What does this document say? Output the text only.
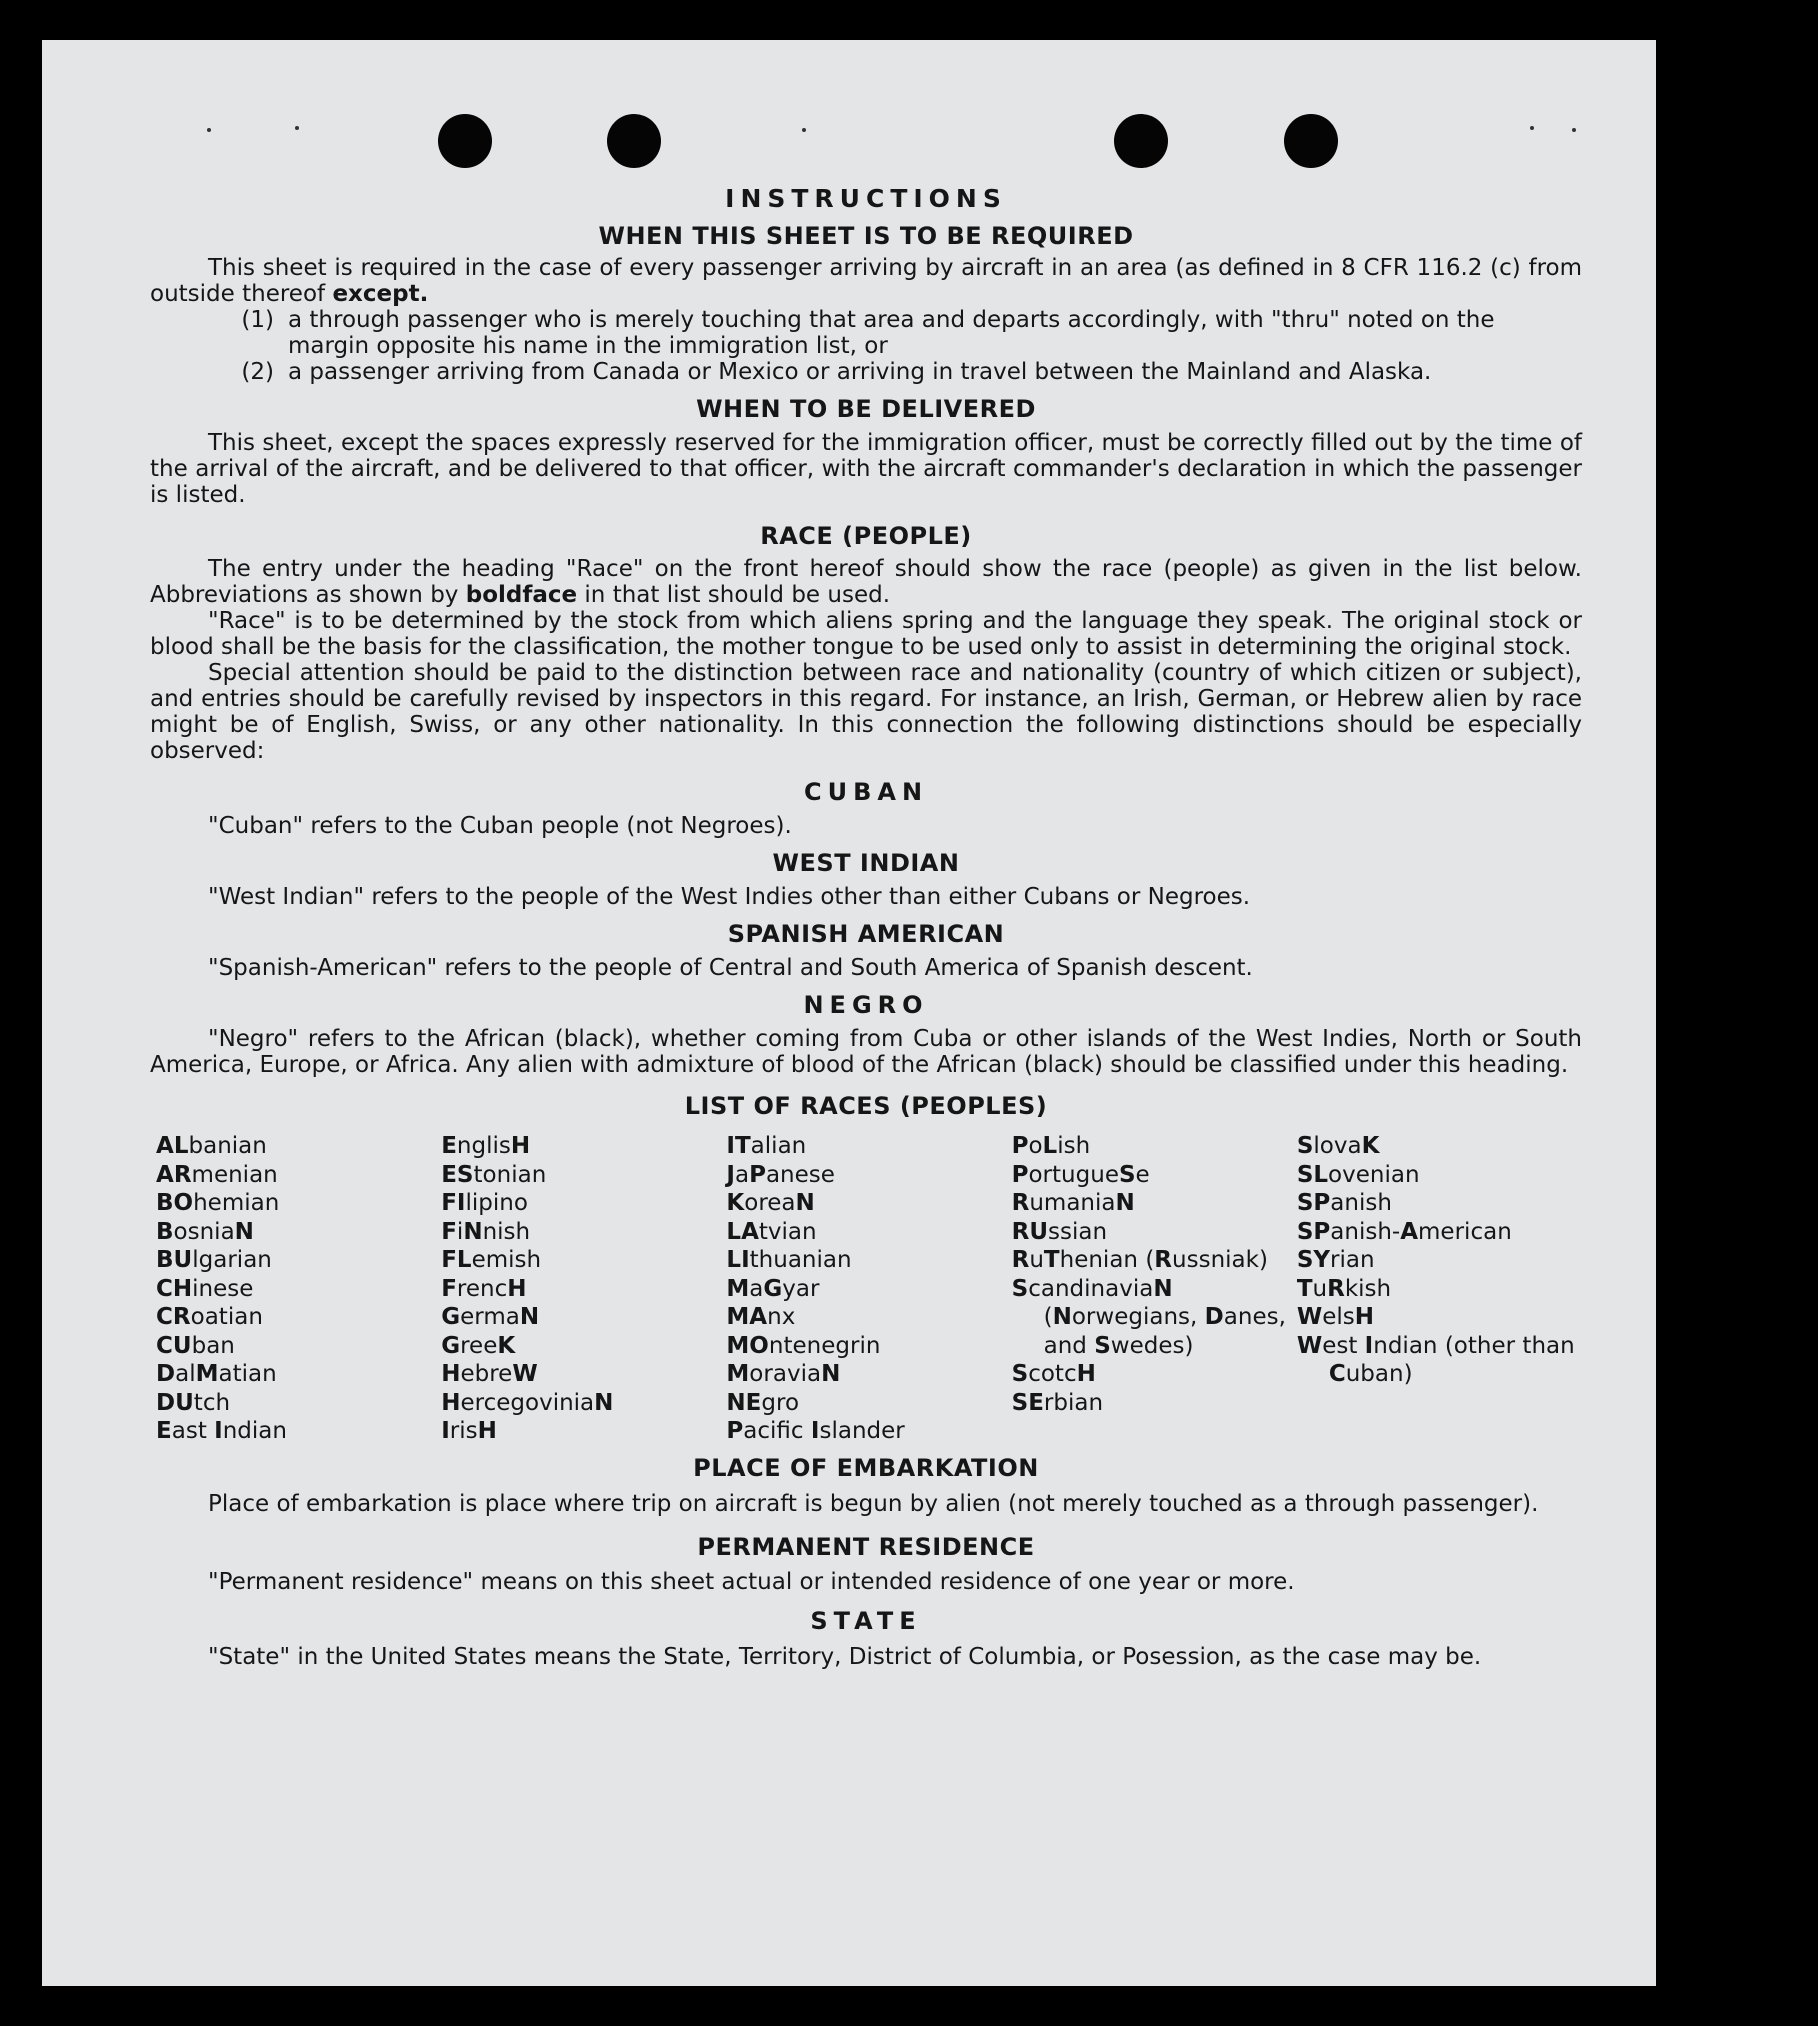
INSTRUCTIONS
WHEN THIS SHEET IS TO BE REQUIRED

This sheet is required in the case of every passenger arriving by aircraft in an area (as defined in 8 CFR 116.2 (c) from outside thereof except.

(1) a through passenger who is merely touching that area and departs accordingly, with "thru" noted on the margin opposite his name in the immigration list, or
(2) a passenger arriving from Canada or Mexico or arriving in travel between the Mainland and Alaska.
WHEN TO BE DELIVERED

This sheet, except the spaces expressly reserved for the immigration officer, must be correctly filled out by the time of the arrival of the aircraft, and be delivered to that officer, with the aircraft commander's declaration in which the passenger is listed.

RACE (PEOPLE)

The entry under the heading "Race" on the front hereof should show the race (people) as given in the list below. Abbreviations as shown by boldface in that list should be used.

"Race" is to be determined by the stock from which aliens spring and the language they speak. The original stock or blood shall be the basis for the classification, the mother tongue to be used only to assist in determining the original stock.

Special attention should be paid to the distinction between race and nationality (country of which citizen or subject), and entries should be carefully revised by inspectors in this regard. For instance, an Irish, German, or Hebrew alien by race might be of English, Swiss, or any other nationality. In this connection the following distinctions should be especially observed:

CUBAN

"Cuban" refers to the Cuban people (not Negroes).

WEST INDIAN

"West Indian" refers to the people of the West Indies other than either Cubans or Negroes.

SPANISH AMERICAN

"Spanish-American" refers to the people of Central and South America of Spanish descent.

NEGRO

"Negro" refers to the African (black), whether coming from Cuba or other islands of the West Indies, North or South America, Europe, or Africa. Any alien with admixture of blood of the African (black) should be classified under this heading.

LIST OF RACES (PEOPLES)
ALbanian
ARmenian
BOhemian
BosniaN
BUlgarian
CHinese
CRoatian
CUban
DalMatian
DUtch
East Indian
EnglisH
EStonian
FIlipino
FiNnish
FLemish
FrencH
GermaN
GreeK
HebreW
HercegoviniaN
IrisH
ITalian
JaPanese
KoreaN
LAtvian
LIthuanian
MaGyar
MAnx
MOntenegrin
MoraviaN
NEgro
Pacifc Islander
PoLish
PortugueSe
RumaniaN
RUssian
RuThenian (Russniak)
ScandinaviaN (Norwegians, Danes, and Swedes)
ScotcH
SErbian
SlovaK
SLovenian
SPanish
SPanish-American
SYrian
TuRkish
WelsH
West Indian (other than Cuban)
PLACE OF EMBARKATION

Place of embarkation is place where trip on aircraft is begun by alien (not merely touched as a through passenger).

PERMANENT RESIDENCE

"Permanent residence" means on this sheet actual or intended residence of one year or more.

STATE

"State" in the United States means the State, Territory, District of Columbia, or Posession, as the case may be.
